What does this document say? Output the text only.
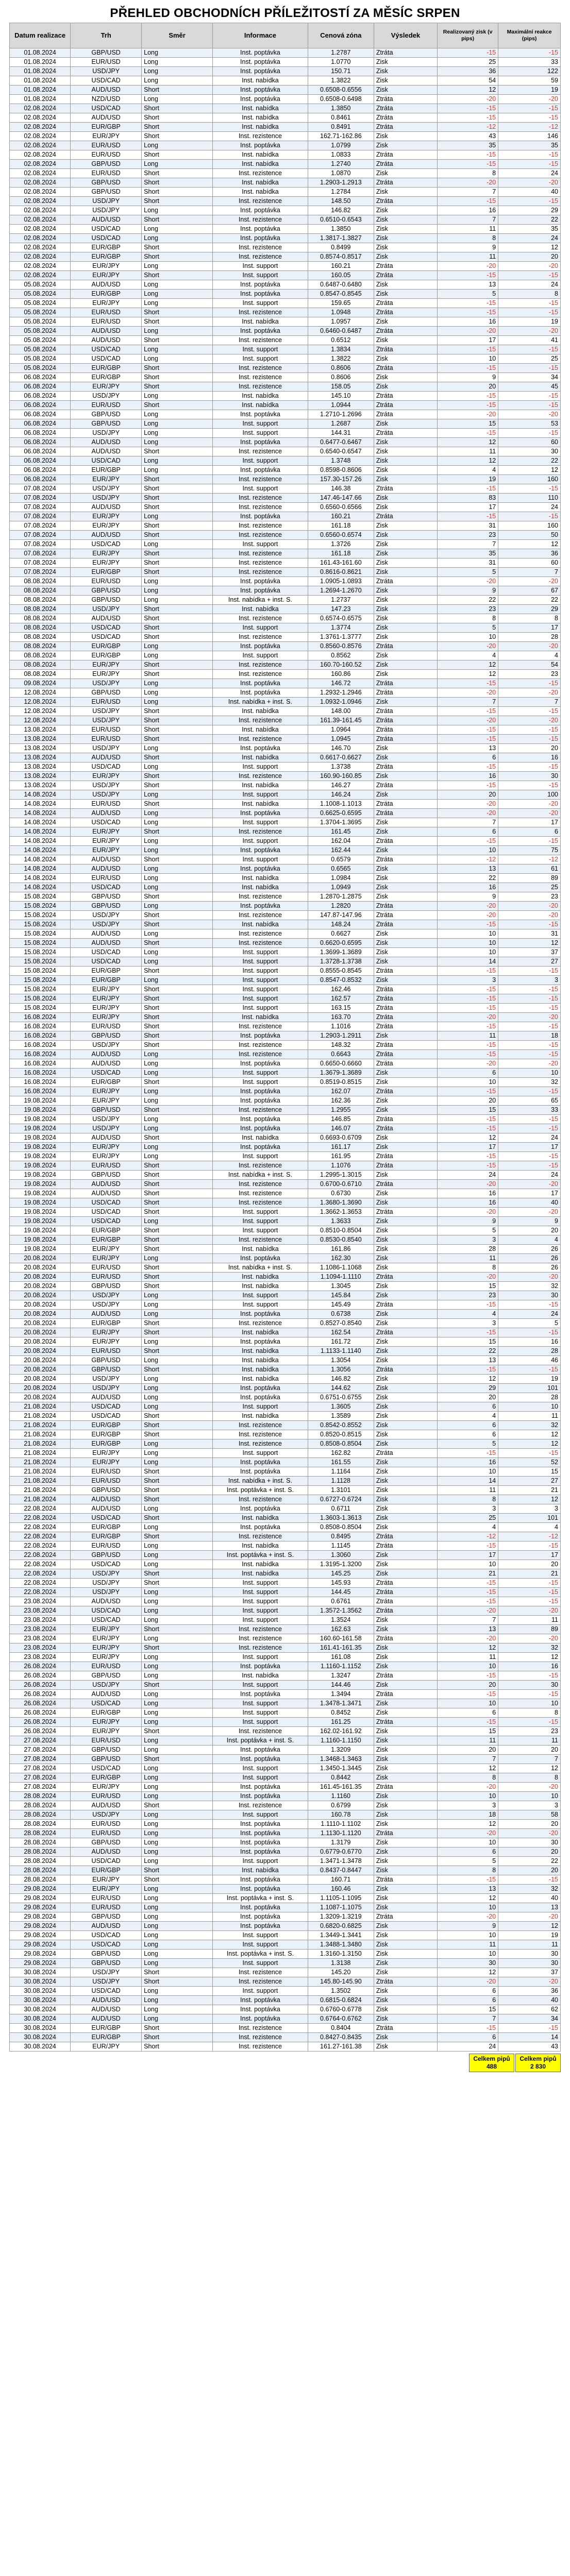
PŘEHLED OBCHODNÍCH PŘÍLEŽITOSTÍ ZA MĚSÍC SRPEN
Datum realizace	Trh	Směr	Informace	Cenová zóna	Výsledek	Realizovaný zisk (v pips)	Maximální reakce (pips)
01.08.2024	GBP/USD	Long	Inst. poptávka	1.2787	Ztráta	-15	-15
01.08.2024	EUR/USD	Long	Inst. poptávka	1.0770	Zisk	25	33
01.08.2024	USD/JPY	Long	Inst. poptávka	150.71	Zisk	36	122
01.08.2024	USD/CAD	Long	Inst. nabídka	1.3822	Zisk	54	59
01.08.2024	AUD/USD	Short	Inst. poptávka	0.6508-0.6556	Zisk	12	19
01.08.2024	NZD/USD	Long	Inst. poptávka	0.6508-0.6498	Ztráta	-20	-20
02.08.2024	USD/CAD	Short	Inst. nabídka	1.3850	Ztráta	-15	-15
02.08.2024	AUD/USD	Short	Inst. nabídka	0.8461	Ztráta	-15	-15
02.08.2024	EUR/GBP	Short	Inst. nabídka	0.8491	Ztráta	-12	-12
02.08.2024	EUR/JPY	Short	Inst. rezistence	162.71-162.86	Zisk	43	146
02.08.2024	EUR/USD	Long	Inst. poptávka	1.0799	Zisk	35	35
02.08.2024	EUR/USD	Short	Inst. nabídka	1.0833	Ztráta	-15	-15
02.08.2024	GBP/USD	Long	Inst. nabídka	1.2740	Ztráta	-15	-15
02.08.2024	EUR/USD	Short	Inst. rezistence	1.0870	Zisk	8	24
02.08.2024	GBP/USD	Short	Inst. nabídka	1.2903-1.2913	Ztráta	-20	-20
02.08.2024	GBP/USD	Short	Inst. nabídka	1.2784	Zisk	7	40
02.08.2024	USD/JPY	Short	Inst. rezistence	148.50	Ztráta	-15	-15
02.08.2024	USD/JPY	Long	Inst. poptávka	146.82	Zisk	16	29
02.08.2024	AUD/USD	Short	Inst. rezistence	0.6510-0.6543	Zisk	7	22
02.08.2024	USD/CAD	Long	Inst. poptávka	1.3850	Zisk	11	35
02.08.2024	USD/CAD	Long	Inst. poptávka	1.3817-1.3827	Zisk	8	24
02.08.2024	EUR/GBP	Short	Inst. rezistence	0.8499	Zisk	9	12
02.08.2024	EUR/GBP	Short	Inst. rezistence	0.8574-0.8517	Zisk	11	20
02.08.2024	EUR/JPY	Long	Inst. support	160.21	Ztráta	-20	-20
02.08.2024	EUR/JPY	Short	Inst. support	160.05	Ztráta	-15	-15
05.08.2024	AUD/USD	Long	Inst. poptávka	0.6487-0.6480	Zisk	13	24
05.08.2024	EUR/GBP	Long	Inst. poptávka	0.8547-0.8545	Zisk	5	8
05.08.2024	EUR/JPY	Long	Inst. support	159.65	Ztráta	-15	-15
05.08.2024	EUR/USD	Short	Inst. rezistence	1.0948	Ztráta	-15	-15
05.08.2024	EUR/USD	Short	Inst. nabídka	1.0957	Zisk	16	19
05.08.2024	AUD/USD	Long	Inst. poptávka	0.6460-0.6487	Ztráta	-20	-20
05.08.2024	AUD/USD	Short	Inst. rezistence	0.6512	Zisk	17	41
05.08.2024	USD/CAD	Long	Inst. support	1.3834	Ztráta	-15	-15
05.08.2024	USD/CAD	Long	Inst. support	1.3822	Zisk	10	25
05.08.2024	EUR/GBP	Short	Inst. rezistence	0.8606	Ztráta	-15	-15
06.08.2024	EUR/GBP	Short	Inst. rezistence	0.8606	Zisk	9	34
06.08.2024	EUR/JPY	Short	Inst. rezistence	158.05	Zisk	20	45
06.08.2024	USD/JPY	Long	Inst. nabídka	145.10	Ztráta	-15	-15
06.08.2024	EUR/USD	Short	Inst. nabídka	1.0944	Ztráta	-15	-15
06.08.2024	GBP/USD	Long	Inst. poptávka	1.2710-1.2696	Ztráta	-20	-20
06.08.2024	GBP/USD	Long	Inst. support	1.2687	Zisk	15	53
06.08.2024	USD/JPY	Long	Inst. support	144.31	Ztráta	-15	-15
06.08.2024	AUD/USD	Long	Inst. poptávka	0.6477-0.6467	Zisk	12	60
06.08.2024	AUD/USD	Short	Inst. rezistence	0.6540-0.6547	Zisk	11	30
06.08.2024	USD/CAD	Long	Inst. support	1.3748	Zisk	12	22
06.08.2024	EUR/GBP	Long	Inst. poptávka	0.8598-0.8606	Zisk	4	12
06.08.2024	EUR/JPY	Short	Inst. rezistence	157.30-157.26	Zisk	19	160
07.08.2024	USD/JPY	Short	Inst. support	146.38	Ztráta	-15	-15
07.08.2024	USD/JPY	Short	Inst. rezistence	147.46-147.66	Zisk	83	110
07.08.2024	AUD/USD	Short	Inst. rezistence	0.6560-0.6566	Zisk	17	24
07.08.2024	EUR/JPY	Long	Inst. poptávka	160.21	Ztráta	-15	-15
07.08.2024	EUR/JPY	Short	Inst. rezistence	161.18	Zisk	31	160
07.08.2024	AUD/USD	Short	Inst. rezistence	0.6560-0.6574	Zisk	23	50
07.08.2024	USD/CAD	Long	Inst. support	1.3726	Zisk	7	12
07.08.2024	EUR/JPY	Short	Inst. rezistence	161.18	Zisk	35	36
07.08.2024	EUR/JPY	Short	Inst. rezistence	161.43-161.60	Zisk	31	60
07.08.2024	EUR/GBP	Short	Inst. rezistence	0.8616-0.8621	Zisk	5	7
08.08.2024	EUR/USD	Long	Inst. poptávka	1.0905-1.0893	Ztráta	-20	-20
08.08.2024	GBP/USD	Long	Inst. poptávka	1.2694-1.2670	Zisk	9	67
08.08.2024	GBP/USD	Long	Inst. nabídka + inst. S.	1.2737	Zisk	22	22
08.08.2024	USD/JPY	Short	Inst. nabídka	147.23	Zisk	23	29
08.08.2024	AUD/USD	Short	Inst. rezistence	0.6574-0.6575	Zisk	8	8
08.08.2024	USD/CAD	Short	Inst. support	1.3774	Zisk	5	17
08.08.2024	USD/CAD	Short	Inst. rezistence	1.3761-1.3777	Zisk	10	28
08.08.2024	EUR/GBP	Long	Inst. poptávka	0.8560-0.8576	Ztráta	-20	-20
08.08.2024	EUR/GBP	Long	Inst. support	0.8562	Zisk	4	4
08.08.2024	EUR/JPY	Short	Inst. rezistence	160.70-160.52	Zisk	12	54
08.08.2024	EUR/JPY	Short	Inst. rezistence	160.86	Zisk	12	23
09.08.2024	USD/JPY	Long	Inst. poptávka	146.72	Ztráta	-15	-15
12.08.2024	GBP/USD	Long	Inst. poptávka	1.2932-1.2946	Ztráta	-20	-20
12.08.2024	EUR/USD	Long	Inst. nabídka + inst. S.	1.0932-1.0946	Zisk	7	7
12.08.2024	USD/JPY	Short	Inst. nabídka	148.00	Ztráta	-15	-15
12.08.2024	USD/JPY	Short	Inst. rezistence	161.39-161.45	Ztráta	-20	-20
13.08.2024	EUR/USD	Short	Inst. nabídka	1.0964	Ztráta	-15	-15
13.08.2024	EUR/USD	Short	Inst. rezistence	1.0945	Ztráta	-15	-15
13.08.2024	USD/JPY	Long	Inst. poptávka	146.70	Zisk	13	20
13.08.2024	AUD/USD	Short	Inst. nabídka	0.6617-0.6627	Zisk	6	16
13.08.2024	USD/CAD	Long	Inst. support	1.3738	Ztráta	-15	-15
13.08.2024	EUR/JPY	Short	Inst. rezistence	160.90-160.85	Zisk	16	30
13.08.2024	USD/JPY	Short	Inst. nabídka	146.27	Ztráta	-15	-15
14.08.2024	USD/JPY	Long	Inst. support	146.24	Zisk	20	100
14.08.2024	EUR/USD	Short	Inst. nabídka	1.1008-1.1013	Ztráta	-20	-20
14.08.2024	AUD/USD	Long	Inst. poptávka	0.6625-0.6595	Ztráta	-20	-20
14.08.2024	USD/CAD	Long	Inst. support	1.3704-1.3695	Zisk	7	17
14.08.2024	EUR/JPY	Short	Inst. rezistence	161.45	Zisk	6	6
14.08.2024	EUR/JPY	Long	Inst. support	162.04	Ztráta	-15	-15
14.08.2024	EUR/JPY	Long	Inst. poptávka	162.44	Zisk	10	75
14.08.2024	AUD/USD	Short	Inst. support	0.6579	Ztráta	-12	-12
14.08.2024	AUD/USD	Long	Inst. poptávka	0.6565	Zisk	13	61
14.08.2024	EUR/USD	Long	Inst. nabídka	1.0984	Zisk	22	89
14.08.2024	USD/CAD	Long	Inst. nabídka	1.0949	Zisk	16	25
15.08.2024	GBP/USD	Short	Inst. rezistence	1.2870-1.2875	Zisk	9	23
15.08.2024	GBP/USD	Long	Inst. poptávka	1.2820	Ztráta	-20	-20
15.08.2024	USD/JPY	Short	Inst. rezistence	147.87-147.96	Ztráta	-20	-20
15.08.2024	USD/JPY	Short	Inst. nabídka	148.24	Ztráta	-15	-15
15.08.2024	AUD/USD	Long	Inst. rezistence	0.6627	Zisk	10	31
15.08.2024	AUD/USD	Short	Inst. rezistence	0.6620-0.6595	Zisk	10	12
15.08.2024	USD/CAD	Long	Inst. support	1.3699-1.3689	Zisk	10	37
15.08.2024	USD/CAD	Long	Inst. support	1.3728-1.3738	Zisk	14	27
15.08.2024	EUR/GBP	Short	Inst. support	0.8555-0.8545	Ztráta	-15	-15
15.08.2024	EUR/GBP	Long	Inst. support	0.8547-0.8532	Zisk	3	3
15.08.2024	EUR/JPY	Short	Inst. support	162.46	Ztráta	-15	-15
15.08.2024	EUR/JPY	Short	Inst. support	162.57	Ztráta	-15	-15
15.08.2024	EUR/JPY	Short	Inst. support	163.15	Ztráta	-15	-15
16.08.2024	EUR/JPY	Short	Inst. nabídka	163.70	Ztráta	-20	-20
16.08.2024	EUR/USD	Short	Inst. rezistence	1.1016	Ztráta	-15	-15
16.08.2024	GBP/USD	Short	Inst. poptávka	1.2903-1.2911	Zisk	11	18
16.08.2024	USD/JPY	Short	Inst. rezistence	148.32	Ztráta	-15	-15
16.08.2024	AUD/USD	Long	Inst. rezistence	0.6643	Ztráta	-15	-15
16.08.2024	AUD/USD	Long	Inst. poptávka	0.6650-0.6660	Ztráta	-20	-20
16.08.2024	USD/CAD	Long	Inst. support	1.3679-1.3689	Zisk	6	10
16.08.2024	EUR/GBP	Short	Inst. support	0.8519-0.8515	Zisk	10	32
16.08.2024	EUR/JPY	Long	Inst. poptávka	162.07	Ztráta	-15	-15
19.08.2024	EUR/JPY	Long	Inst. poptávka	162.36	Zisk	20	65
19.08.2024	GBP/USD	Short	Inst. rezistence	1.2955	Zisk	15	33
19.08.2024	USD/JPY	Long	Inst. poptávka	146.85	Ztráta	-15	-15
19.08.2024	USD/JPY	Long	Inst. poptávka	146.07	Ztráta	-15	-15
19.08.2024	AUD/USD	Short	Inst. nabídka	0.6693-0.6709	Zisk	12	24
19.08.2024	EUR/JPY	Long	Inst. poptávka	161.17	Zisk	17	17
19.08.2024	EUR/JPY	Long	Inst. support	161.95	Ztráta	-15	-15
19.08.2024	EUR/USD	Short	Inst. rezistence	1.1076	Ztráta	-15	-15
19.08.2024	GBP/USD	Short	Inst. nabídka + inst. S.	1.2995-1.3015	Zisk	24	24
19.08.2024	AUD/USD	Short	Inst. rezistence	0.6700-0.6710	Ztráta	-20	-20
19.08.2024	AUD/USD	Short	Inst. rezistence	0.6730	Zisk	16	17
19.08.2024	USD/CAD	Short	Inst. rezistence	1.3680-1.3690	Zisk	16	40
19.08.2024	USD/CAD	Short	Inst. support	1.3662-1.3653	Ztráta	-20	-20
19.08.2024	USD/CAD	Long	Inst. support	1.3633	Zisk	9	9
19.08.2024	EUR/GBP	Short	Inst. support	0.8510-0.8504	Zisk	5	20
19.08.2024	EUR/GBP	Short	Inst. rezistence	0.8530-0.8540	Zisk	3	4
19.08.2024	EUR/JPY	Short	Inst. nabídka	161.86	Zisk	28	26
20.08.2024	EUR/JPY	Long	Inst. poptávka	162.30	Zisk	11	26
20.08.2024	EUR/USD	Short	Inst. nabídka + inst. S.	1.1086-1.1068	Zisk	8	26
20.08.2024	EUR/USD	Short	Inst. nabídka	1.1094-1.1110	Ztráta	-20	-20
20.08.2024	GBP/USD	Short	Inst. nabídka	1.3045	Zisk	15	32
20.08.2024	USD/JPY	Long	Inst. support	145.84	Zisk	23	30
20.08.2024	USD/JPY	Long	Inst. support	145.49	Ztráta	-15	-15
20.08.2024	AUD/USD	Long	Inst. poptávka	0.6738	Zisk	4	24
20.08.2024	EUR/GBP	Short	Inst. rezistence	0.8527-0.8540	Zisk	3	5
20.08.2024	EUR/JPY	Short	Inst. nabídka	162.54	Ztráta	-15	-15
20.08.2024	EUR/JPY	Long	Inst. poptávka	161.72	Zisk	15	16
20.08.2024	EUR/USD	Short	Inst. nabídka	1.1133-1.1140	Zisk	22	28
20.08.2024	GBP/USD	Long	Inst. nabídka	1.3054	Zisk	13	46
20.08.2024	GBP/USD	Short	Inst. nabídka	1.3056	Ztráta	-15	-15
20.08.2024	USD/JPY	Long	Inst. nabídka	146.82	Zisk	12	19
20.08.2024	USD/JPY	Long	Inst. poptávka	144.62	Zisk	29	101
20.08.2024	AUD/USD	Long	Inst. poptávka	0.6751-0.6755	Zisk	20	28
21.08.2024	USD/CAD	Long	Inst. support	1.3605	Zisk	6	10
21.08.2024	USD/CAD	Short	Inst. nabídka	1.3589	Zisk	4	11
21.08.2024	EUR/GBP	Short	Inst. rezistence	0.8542-0.8552	Zisk	6	32
21.08.2024	EUR/GBP	Short	Inst. rezistence	0.8520-0.8515	Zisk	6	12
21.08.2024	EUR/GBP	Long	Inst. rezistence	0.8508-0.8504	Zisk	5	12
21.08.2024	EUR/JPY	Long	Inst. support	162.82	Ztráta	-15	-15
21.08.2024	EUR/JPY	Long	Inst. poptávka	161.55	Zisk	16	52
21.08.2024	EUR/USD	Short	Inst. poptávka	1.1164	Zisk	10	15
21.08.2024	EUR/USD	Short	Inst. nabídka + inst. S.	1.1128	Zisk	14	27
21.08.2024	GBP/USD	Short	Inst. poptávka + inst. S.	1.3101	Zisk	11	21
21.08.2024	AUD/USD	Short	Inst. rezistence	0.6727-0.6724	Zisk	8	12
22.08.2024	AUD/USD	Long	Inst. poptávka	0.6711	Zisk	3	3
22.08.2024	USD/CAD	Short	Inst. nabídka	1.3603-1.3613	Zisk	25	101
22.08.2024	EUR/GBP	Long	Inst. poptávka	0.8508-0.8504	Zisk	4	4
22.08.2024	EUR/GBP	Short	Inst. rezistence	0.8495	Ztráta	-12	-12
22.08.2024	EUR/USD	Long	Inst. nabídka	1.1145	Ztráta	-15	-15
22.08.2024	GBP/USD	Long	Inst. poptávka + inst. S.	1.3060	Zisk	17	17
22.08.2024	USD/CAD	Long	Inst. nabídka	1.3195-1.3200	Zisk	10	20
22.08.2024	USD/JPY	Short	Inst. nabídka	145.25	Zisk	21	21
22.08.2024	USD/JPY	Short	Inst. support	145.93	Ztráta	-15	-15
22.08.2024	USD/JPY	Long	Inst. support	144.45	Ztráta	-15	-15
23.08.2024	AUD/USD	Long	Inst. support	0.6761	Ztráta	-15	-15
23.08.2024	USD/CAD	Long	Inst. support	1.3572-1.3562	Ztráta	-20	-20
23.08.2024	USD/CAD	Long	Inst. support	1.3524	Zisk	7	11
23.08.2024	EUR/JPY	Short	Inst. rezistence	162.63	Zisk	13	89
23.08.2024	EUR/JPY	Long	Inst. rezistence	160.60-161.58	Ztráta	-20	-20
23.08.2024	EUR/JPY	Short	Inst. rezistence	161.41-161.35	Zisk	12	32
23.08.2024	EUR/JPY	Long	Inst. support	161.08	Zisk	11	12
26.08.2024	EUR/USD	Long	Inst. poptávka	1.1160-1.1152	Zisk	10	16
26.08.2024	GBP/USD	Long	Inst. nabídka	1.3247	Ztráta	-15	-15
26.08.2024	USD/JPY	Short	Inst. support	144.46	Zisk	20	30
26.08.2024	AUD/USD	Long	Inst. poptávka	1.3494	Ztráta	-15	-15
26.08.2024	USD/CAD	Long	Inst. support	1.3478-1.3471	Zisk	10	10
26.08.2024	EUR/GBP	Long	Inst. support	0.8452	Zisk	6	8
26.08.2024	EUR/JPY	Long	Inst. support	161.25	Ztráta	-15	-15
26.08.2024	EUR/JPY	Short	Inst. rezistence	162.02-161.92	Zisk	15	23
27.08.2024	EUR/USD	Long	Inst. poptávka + inst. S.	1.1160-1.1150	Zisk	11	11
27.08.2024	GBP/USD	Long	Inst. poptávka	1.3209	Zisk	20	20
27.08.2024	GBP/USD	Short	Inst. poptávka	1.3468-1.3463	Zisk	7	7
27.08.2024	USD/CAD	Long	Inst. support	1.3450-1.3445	Zisk	12	12
27.08.2024	EUR/GBP	Long	Inst. support	0.8442	Zisk	8	8
27.08.2024	EUR/JPY	Long	Inst. poptávka	161.45-161.35	Ztráta	-20	-20
28.08.2024	EUR/USD	Long	Inst. poptávka	1.1160	Zisk	10	10
28.08.2024	AUD/USD	Short	Inst. rezistence	0.6799	Zisk	3	3
28.08.2024	USD/JPY	Long	Inst. support	160.78	Zisk	18	58
28.08.2024	EUR/USD	Long	Inst. poptávka	1.1110-1.1102	Zisk	12	20
28.08.2024	EUR/USD	Long	Inst. poptávka	1.1130-1.1120	Ztráta	-20	-20
28.08.2024	GBP/USD	Long	Inst. poptávka	1.3179	Zisk	10	30
28.08.2024	AUD/USD	Long	Inst. poptávka	0.6779-0.6770	Zisk	6	20
28.08.2024	USD/CAD	Long	Inst. support	1.3471-1.3478	Zisk	5	22
28.08.2024	EUR/GBP	Short	Inst. nabídka	0.8437-0.8447	Zisk	8	20
28.08.2024	EUR/JPY	Short	Inst. poptávka	160.71	Ztráta	-15	-15
29.08.2024	EUR/JPY	Long	Inst. poptávka	160.46	Zisk	13	32
29.08.2024	EUR/USD	Long	Inst. poptávka + inst. S.	1.1105-1.1095	Zisk	12	40
29.08.2024	EUR/USD	Long	Inst. poptávka	1.1087-1.1075	Zisk	10	13
29.08.2024	GBP/USD	Long	Inst. poptávka	1.3209-1.3219	Ztráta	-20	-20
29.08.2024	AUD/USD	Long	Inst. poptávka	0.6820-0.6825	Zisk	9	12
29.08.2024	USD/CAD	Long	Inst. support	1.3449-1.3441	Zisk	10	19
29.08.2024	USD/CAD	Long	Inst. support	1.3488-1.3480	Zisk	11	11
29.08.2024	GBP/USD	Long	Inst. poptávka + inst. S.	1.3160-1.3150	Zisk	10	30
29.08.2024	GBP/USD	Long	Inst. support	1.3138	Zisk	30	30
30.08.2024	USD/JPY	Short	Inst. rezistence	145.20	Zisk	12	37
30.08.2024	USD/JPY	Short	Inst. rezistence	145.80-145.90	Ztráta	-20	-20
30.08.2024	USD/CAD	Long	Inst. support	1.3502	Zisk	6	36
30.08.2024	AUD/USD	Long	Inst. poptávka	0.6815-0.6824	Zisk	6	40
30.08.2024	AUD/USD	Long	Inst. poptávka	0.6760-0.6778	Zisk	15	62
30.08.2024	AUD/USD	Long	Inst. poptávka	0.6764-0.6762	Zisk	7	34
30.08.2024	EUR/GBP	Short	Inst. rezistence	0.8404	Ztráta	-15	-15
30.08.2024	EUR/GBP	Short	Inst. rezistence	0.8427-0.8435	Zisk	6	14
30.08.2024	EUR/JPY	Short	Inst. rezistence	161.27-161.38	Zisk	24	43
Celkem pipů
488
Celkem pipů
2 830
